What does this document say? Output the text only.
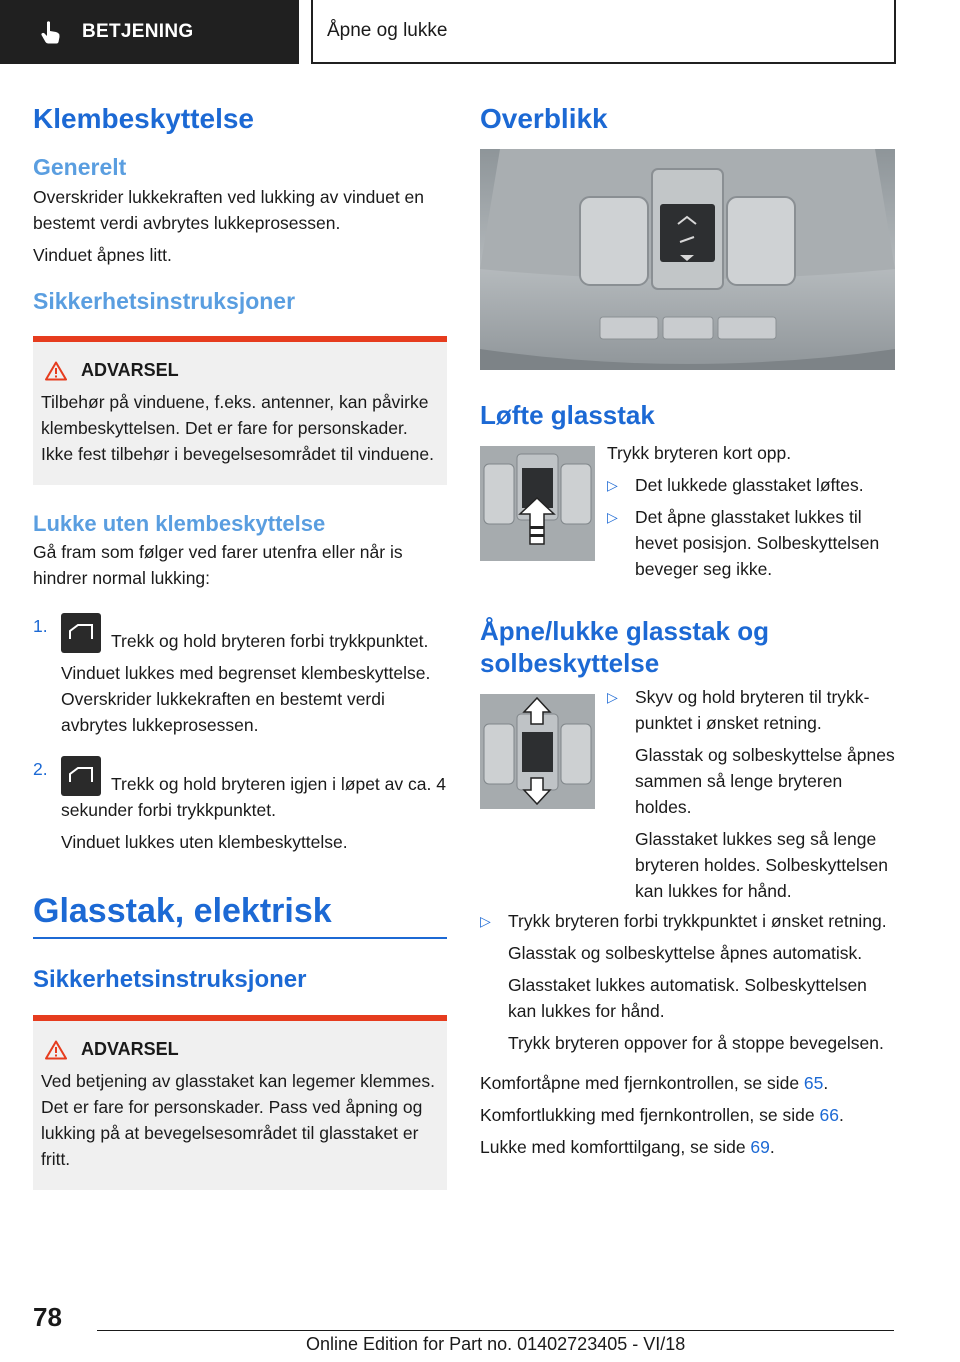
BETJENING	Åpne og lukke
Klembeskyttelse
Generelt
Overskrider lukkekraften ved lukking av vinduet en bestemt verdi avbrytes lukkeprosessen.
Vinduet åpnes litt.
Sikkerhetsinstruksjoner
ADVARSEL
Tilbehør på vinduene, f.eks. antenner, kan påvirke klembeskyttelsen. Det er fare for personskader. Ikke fest tilbehør i bevegelsesområdet til vinduene.
Lukke uten klembeskyttelse
Gå fram som følger ved farer utenfra eller når is hindrer normal lukking:
1.
Trekk og hold bryteren forbi trykkpunktet.
Vinduet lukkes med begrenset klembeskyttelse. Overskrider lukkekraften en bestemt verdi avbrytes lukkeprosessen.
2.
Trekk og hold bryteren igjen i løpet av ca. 4 sekunder forbi trykkpunktet.
Vinduet lukkes uten klembeskyttelse.
Glasstak, elektrisk
Sikkerhetsinstruksjoner
ADVARSEL
Ved betjening av glasstaket kan legemer klemmes. Det er fare for personskader. Pass ved åpning og lukking på at bevegelsesområdet til glasstaket er fritt.
Overblikk
Løfte glasstak
Trykk bryteren kort opp.
▷ Det lukkede glasstaket løftes.
▷ Det åpne glasstaket lukkes til hevet posisjon. Solbeskyttelsen beveger seg ikke.
Åpne/lukke glasstak og solbeskyttelse
▷ Skyv og hold bryteren til trykkpunktet i ønsket retning.
Glasstak og solbeskyttelse åpnes sammen så lenge bryteren holdes.
Glasstaket lukkes seg så lenge bryteren holdes. Solbeskyttelsen kan lukkes for hånd.
▷ Trykk bryteren forbi trykkpunktet i ønsket retning.
Glasstak og solbeskyttelse åpnes automatisk.
Glasstaket lukkes automatisk. Solbeskyttelsen kan lukkes for hånd.
Trykk bryteren oppover for å stoppe bevegelsen.
Komfortåpne med fjernkontrollen, se side 65.
Komfortlukking med fjernkontrollen, se side 66.
Lukke med komforttilgang, se side 69.
78
Online Edition for Part no. 01402723405 - VI/18
